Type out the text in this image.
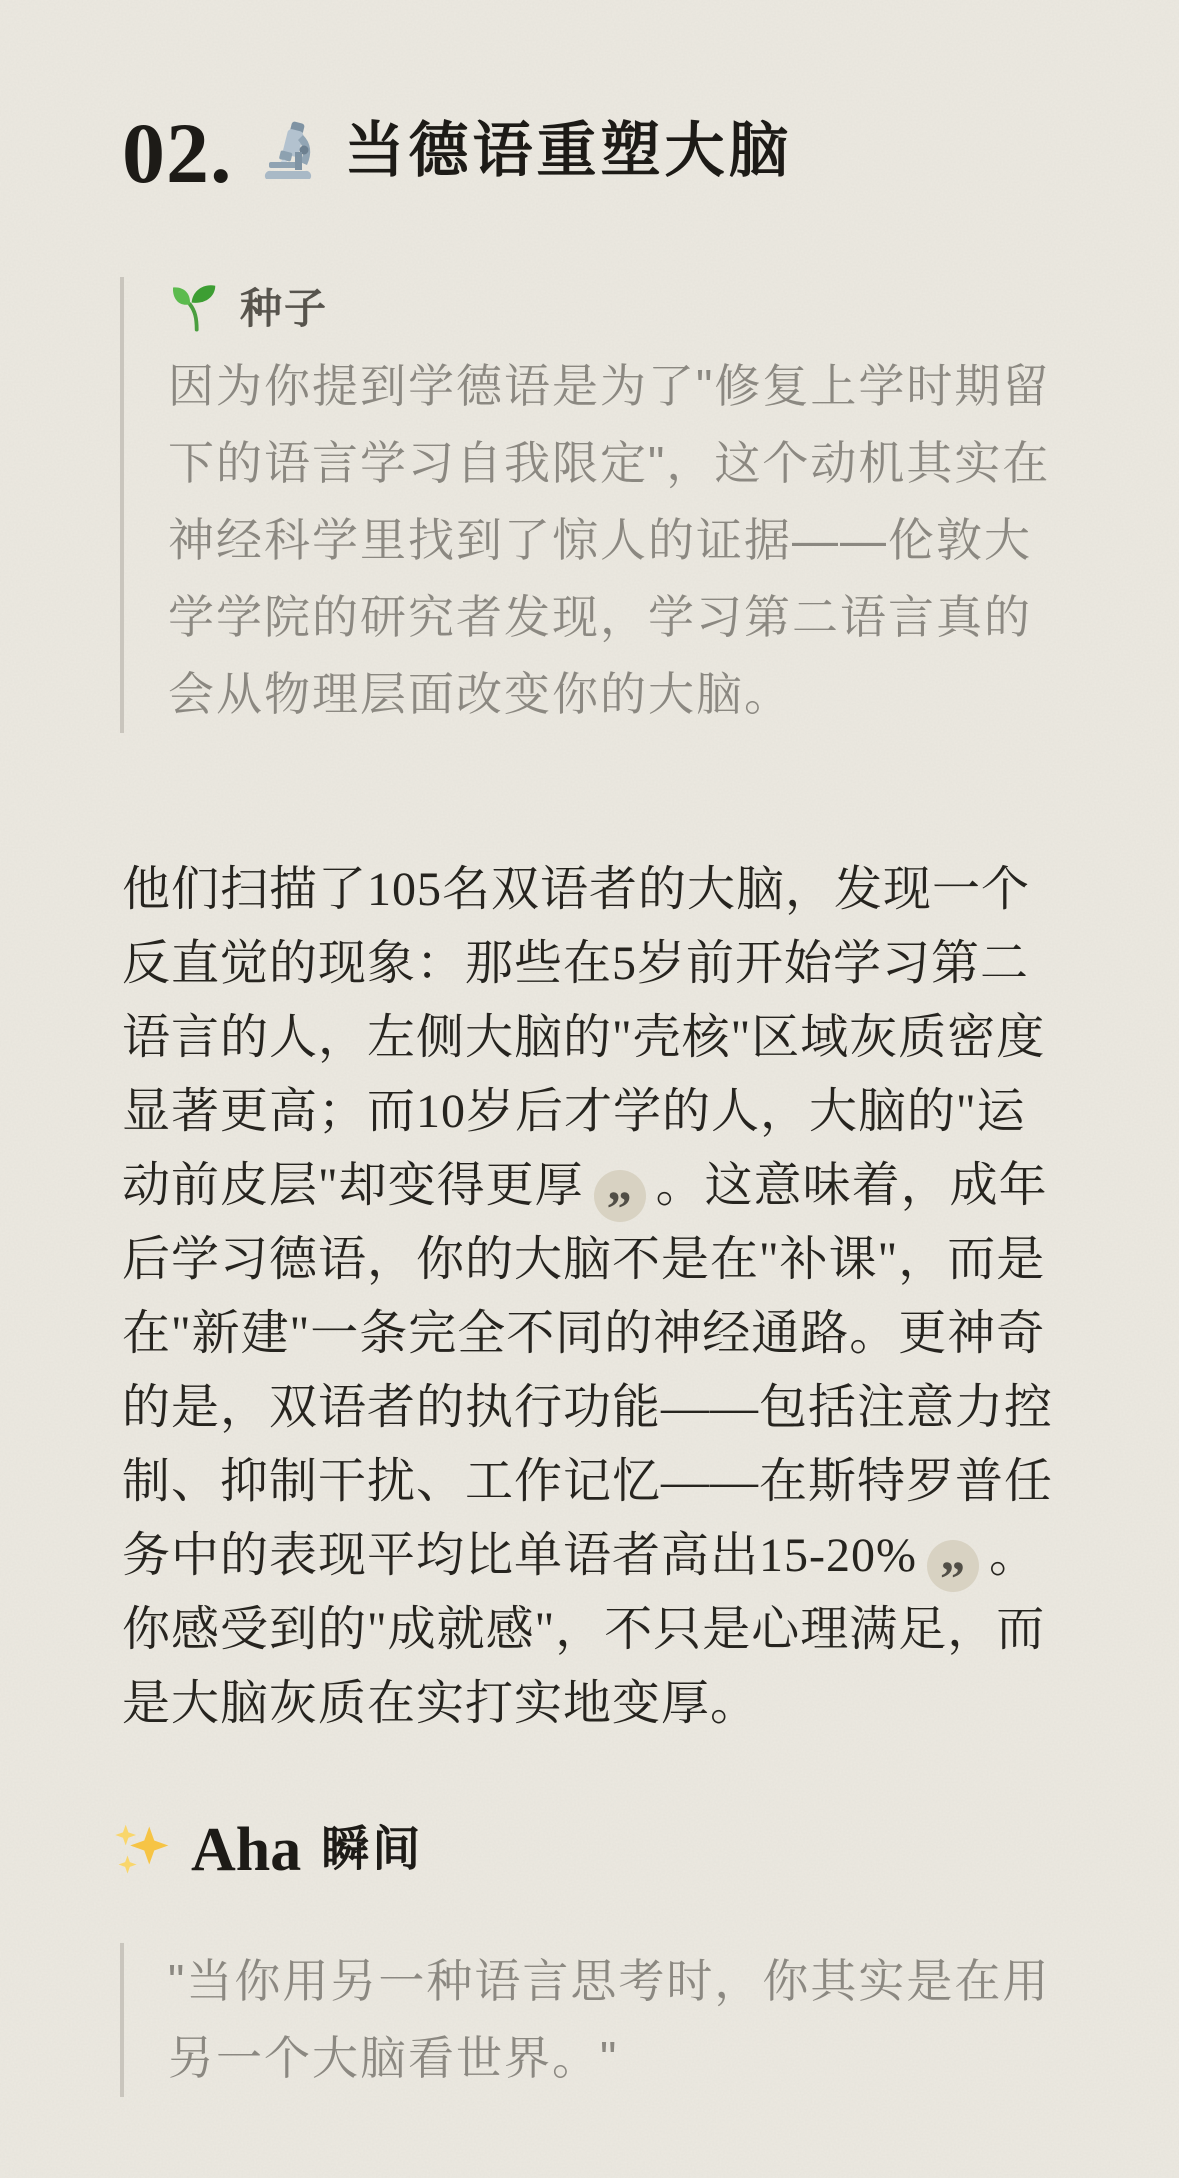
02. 当德语重塑大脑
种子
因为你提到学德语是为了"修复上学时期留下的语言学习自我限定"，这个动机其实在神经科学里找到了惊人的证据——伦敦大学学院的研究者发现，学习第二语言真的会从物理层面改变你的大脑。
他们扫描了105名双语者的大脑，发现一个反直觉的现象：那些在5岁前开始学习第二语言的人，左侧大脑的"壳核"区域灰质密度显著更高；而10岁后才学的人，大脑的"运动前皮层"却变得更厚 ” 。这意味着，成年后学习德语，你的大脑不是在"补课"，而是在"新建"一条完全不同的神经通路。更神奇的是，双语者的执行功能——包括注意力控制、抑制干扰、工作记忆——在斯特罗普任务中的表现平均比单语者高出15-20% ” 。你感受到的"成就感"，不只是心理满足，而是大脑灰质在实打实地变厚。
Aha 瞬间
"当你用另一种语言思考时，你其实是在用另一个大脑看世界。"
